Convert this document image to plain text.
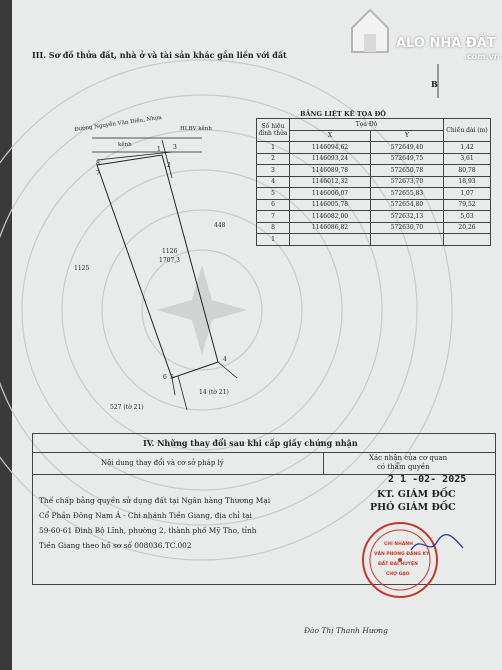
ALO NHÀ ĐẤT
.com.vn
III. Sơ đồ thửa đất, nhà ở và tài sản khác gắn liền với đất
B
Đường Nguyễn Văn Điều, Nhựa
kênh
HLBV kênh
1126
1707,3
448
1125
14 (tờ 21)
527 (tờ 21)
8
1 3
2
7
4
6 5
BẢNG LIỆT KÊ TỌA ĐỘ
Số hiệu đỉnh thửa	Tọa Độ		Chiều dài (m)
	X	Y	
1	1146094,62	572649,40	1,42
2	1146093,24	572649,75	3,61
3	1146089,78	572650,78	80,78
4	1146012,32	572673,70	18,93
5	1146006,07	572655,83	1,07
6	1146005,78	572654,80	79,52
7	1146082,00	572632,13	5,03
8	1146086,82	572630,70	20,26
1			
IV. Những thay đổi sau khi cấp giấy chứng nhận
Nội dung thay đổi và cơ sở pháp lý
Xác nhận của cơ quan
có thẩm quyền
Thế chấp bằng quyền sử dụng đất tại Ngân hàng Thương Mại
Cổ Phần Đông Nam Á - Chi nhánh Tiền Giang, địa chỉ tại
59-60-61 Đinh Bộ Lĩnh, phường 2, thành phố Mỹ Tho, tỉnh
Tiền Giang theo hồ sơ số 008036.TC.002
2 1 -02- 2025
KT. GIÁM ĐỐC
PHÓ GIÁM ĐỐC
CHI NHÁNH
VĂN PHÒNG ĐĂNG KÝ
ĐẤT ĐAI HUYỆN
CHỢ GẠO
Đào Thị Thanh Hương
